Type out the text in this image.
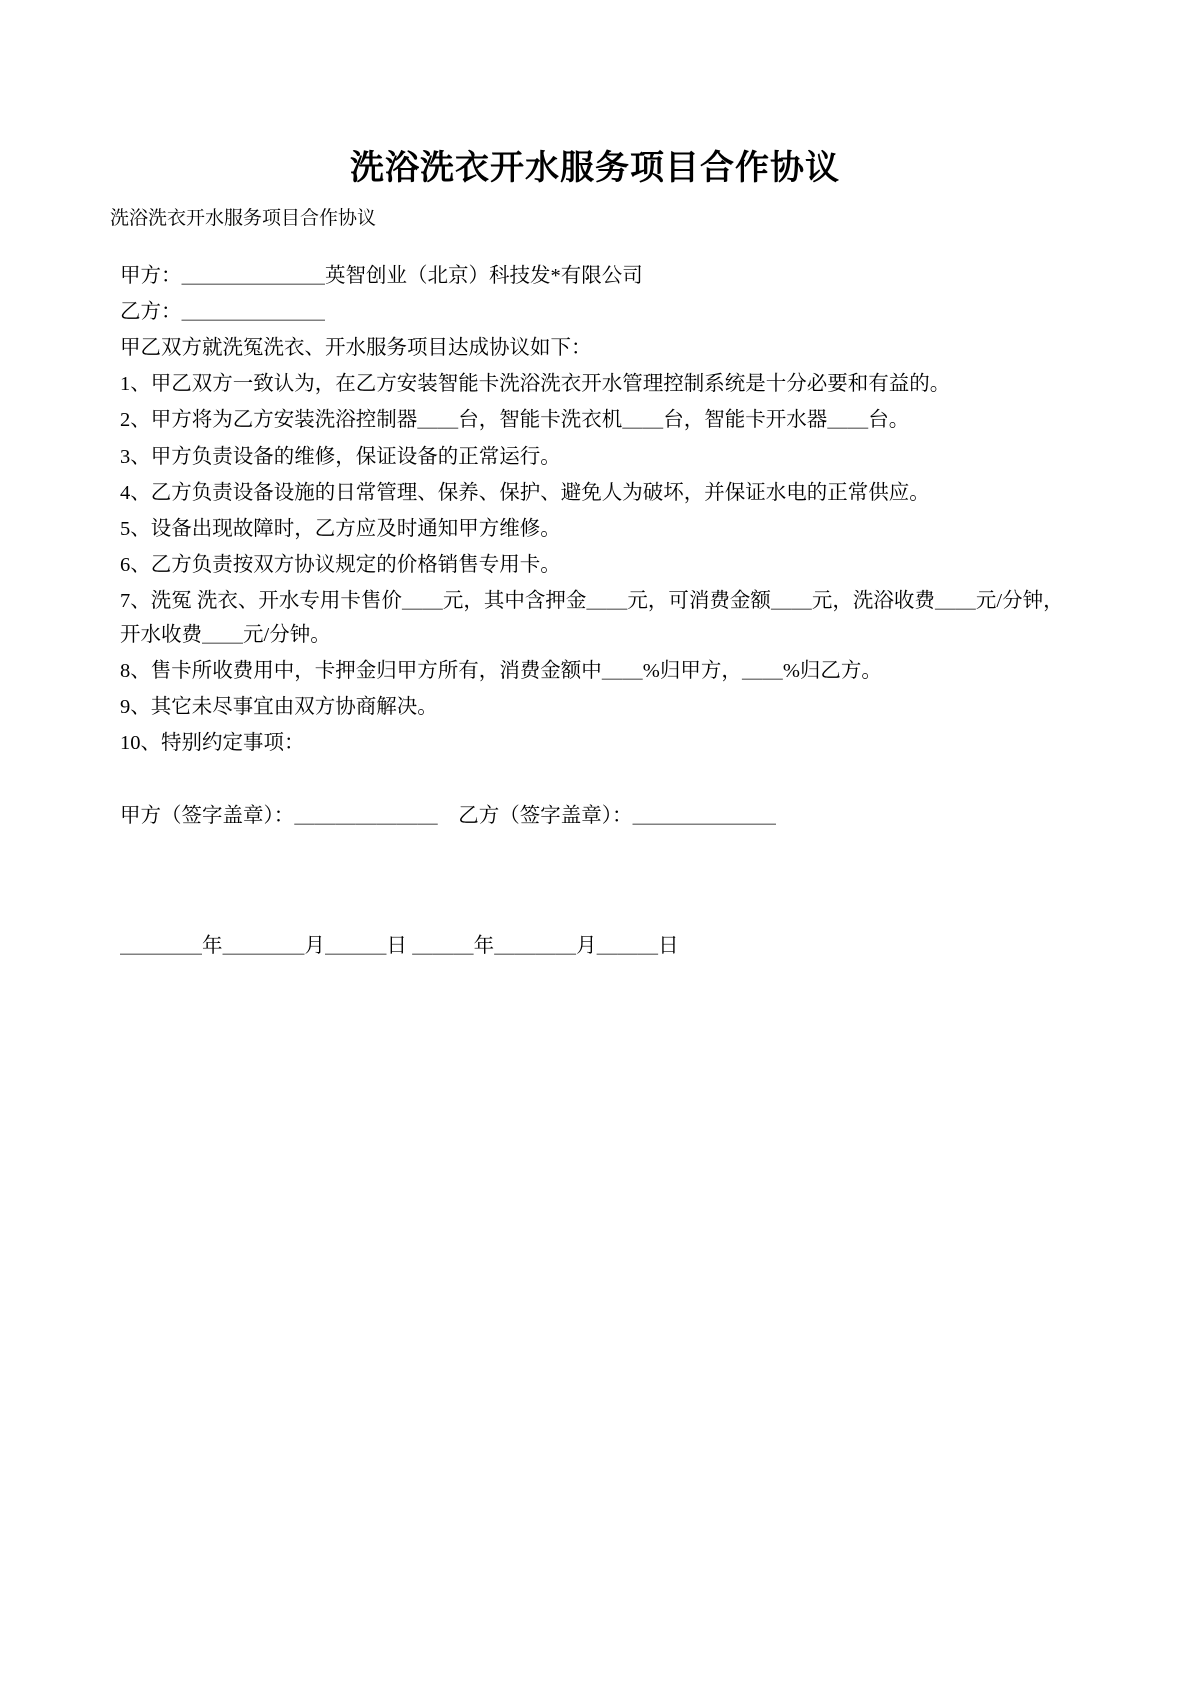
洗浴洗衣开水服务项目合作协议
洗浴洗衣开水服务项目合作协议

甲方：＿＿＿＿＿＿＿英智创业（北京）科技发*有限公司

乙方：＿＿＿＿＿＿＿

甲乙双方就洗冤洗衣、开水服务项目达成协议如下：

1、甲乙双方一致认为，在乙方安装智能卡洗浴洗衣开水管理控制系统是十分必要和有益的。

2、甲方将为乙方安装洗浴控制器＿＿台，智能卡洗衣机＿＿台，智能卡开水器＿＿台。

3、甲方负责设备的维修，保证设备的正常运行。

4、乙方负责设备设施的日常管理、保养、保护、避免人为破坏，并保证水电的正常供应。

5、设备出现故障时，乙方应及时通知甲方维修。

6、乙方负责按双方协议规定的价格销售专用卡。

7、洗冤 洗衣、开水专用卡售价＿＿元，其中含押金＿＿元，可消费金额＿＿元，洗浴收费＿＿元/分钟，开水收费＿＿元/分钟。

8、售卡所收费用中，卡押金归甲方所有，消费金额中＿＿%归甲方，＿＿%归乙方。

9、其它未尽事宜由双方协商解决。

10、特别约定事项：

甲方（签字盖章）：＿＿＿＿＿＿＿　乙方（签字盖章）：＿＿＿＿＿＿＿

＿＿＿＿年＿＿＿＿月＿＿＿日 ＿＿＿年＿＿＿＿月＿＿＿日
